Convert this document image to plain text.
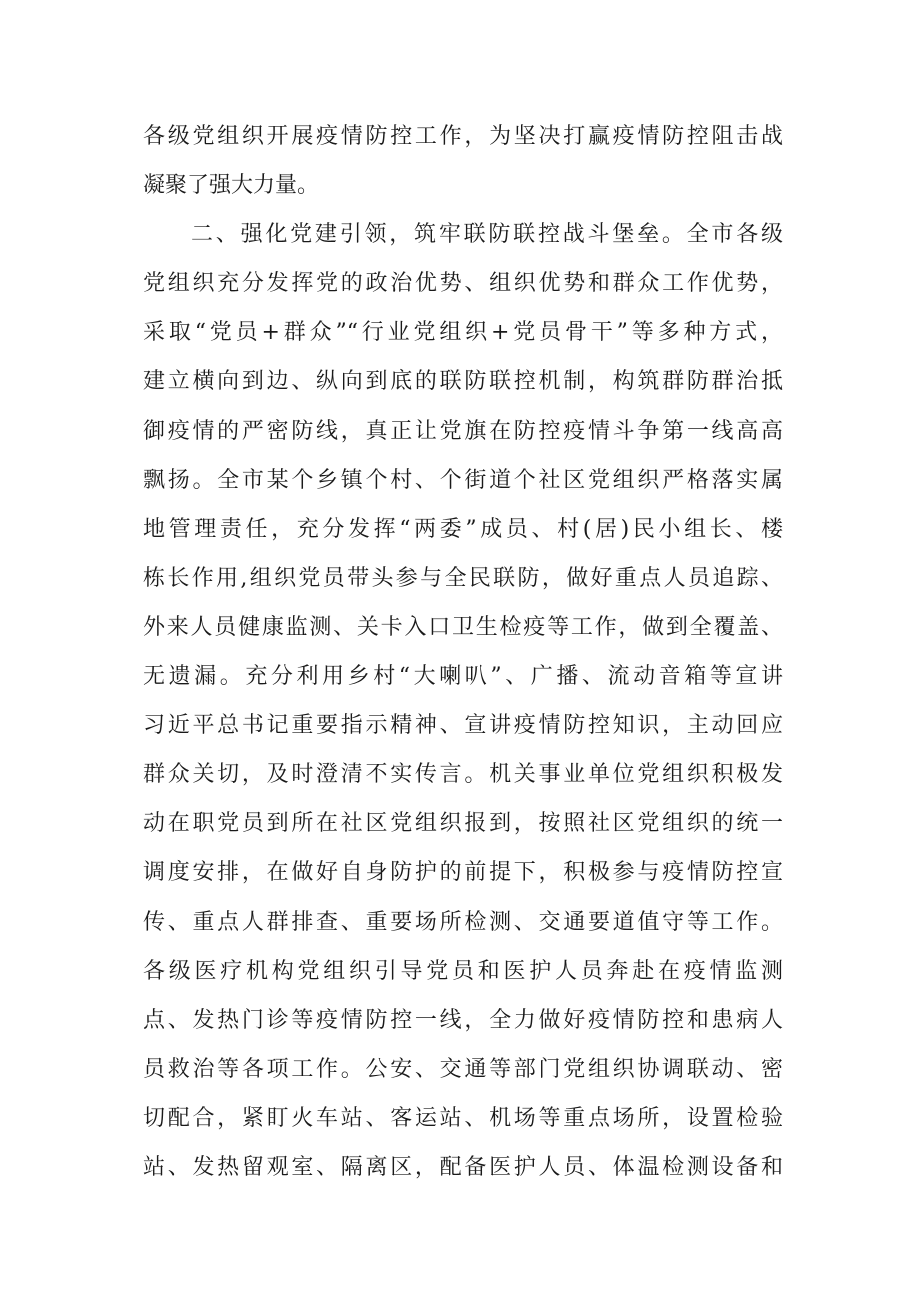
各级党组织开展疫情防控工作，为坚决打赢疫情防控阻击战
凝聚了强大力量。
二、强化党建引领，筑牢联防联控战斗堡垒。全市各级
党组织充分发挥党的政治优势、组织优势和群众工作优势，
采取“党员+群众”“行业党组织+党员骨干”等多种方式，
建立横向到边、纵向到底的联防联控机制，构筑群防群治抵
御疫情的严密防线，真正让党旗在防控疫情斗争第一线高高
飘扬。全市某个乡镇个村、个街道个社区党组织严格落实属
地管理责任，充分发挥“两委”成员、村(居)民小组长、楼
栋长作用,组织党员带头参与全民联防，做好重点人员追踪、
外来人员健康监测、关卡入口卫生检疫等工作，做到全覆盖、
无遗漏。充分利用乡村“大喇叭”、广播、流动音箱等宣讲
习近平总书记重要指示精神、宣讲疫情防控知识，主动回应
群众关切，及时澄清不实传言。机关事业单位党组织积极发
动在职党员到所在社区党组织报到，按照社区党组织的统一
调度安排，在做好自身防护的前提下，积极参与疫情防控宣
传、重点人群排查、重要场所检测、交通要道值守等工作。
各级医疗机构党组织引导党员和医护人员奔赴在疫情监测
点、发热门诊等疫情防控一线，全力做好疫情防控和患病人
员救治等各项工作。公安、交通等部门党组织协调联动、密
切配合，紧盯火车站、客运站、机场等重点场所，设置检验
站、发热留观室、隔离区，配备医护人员、体温检测设备和
